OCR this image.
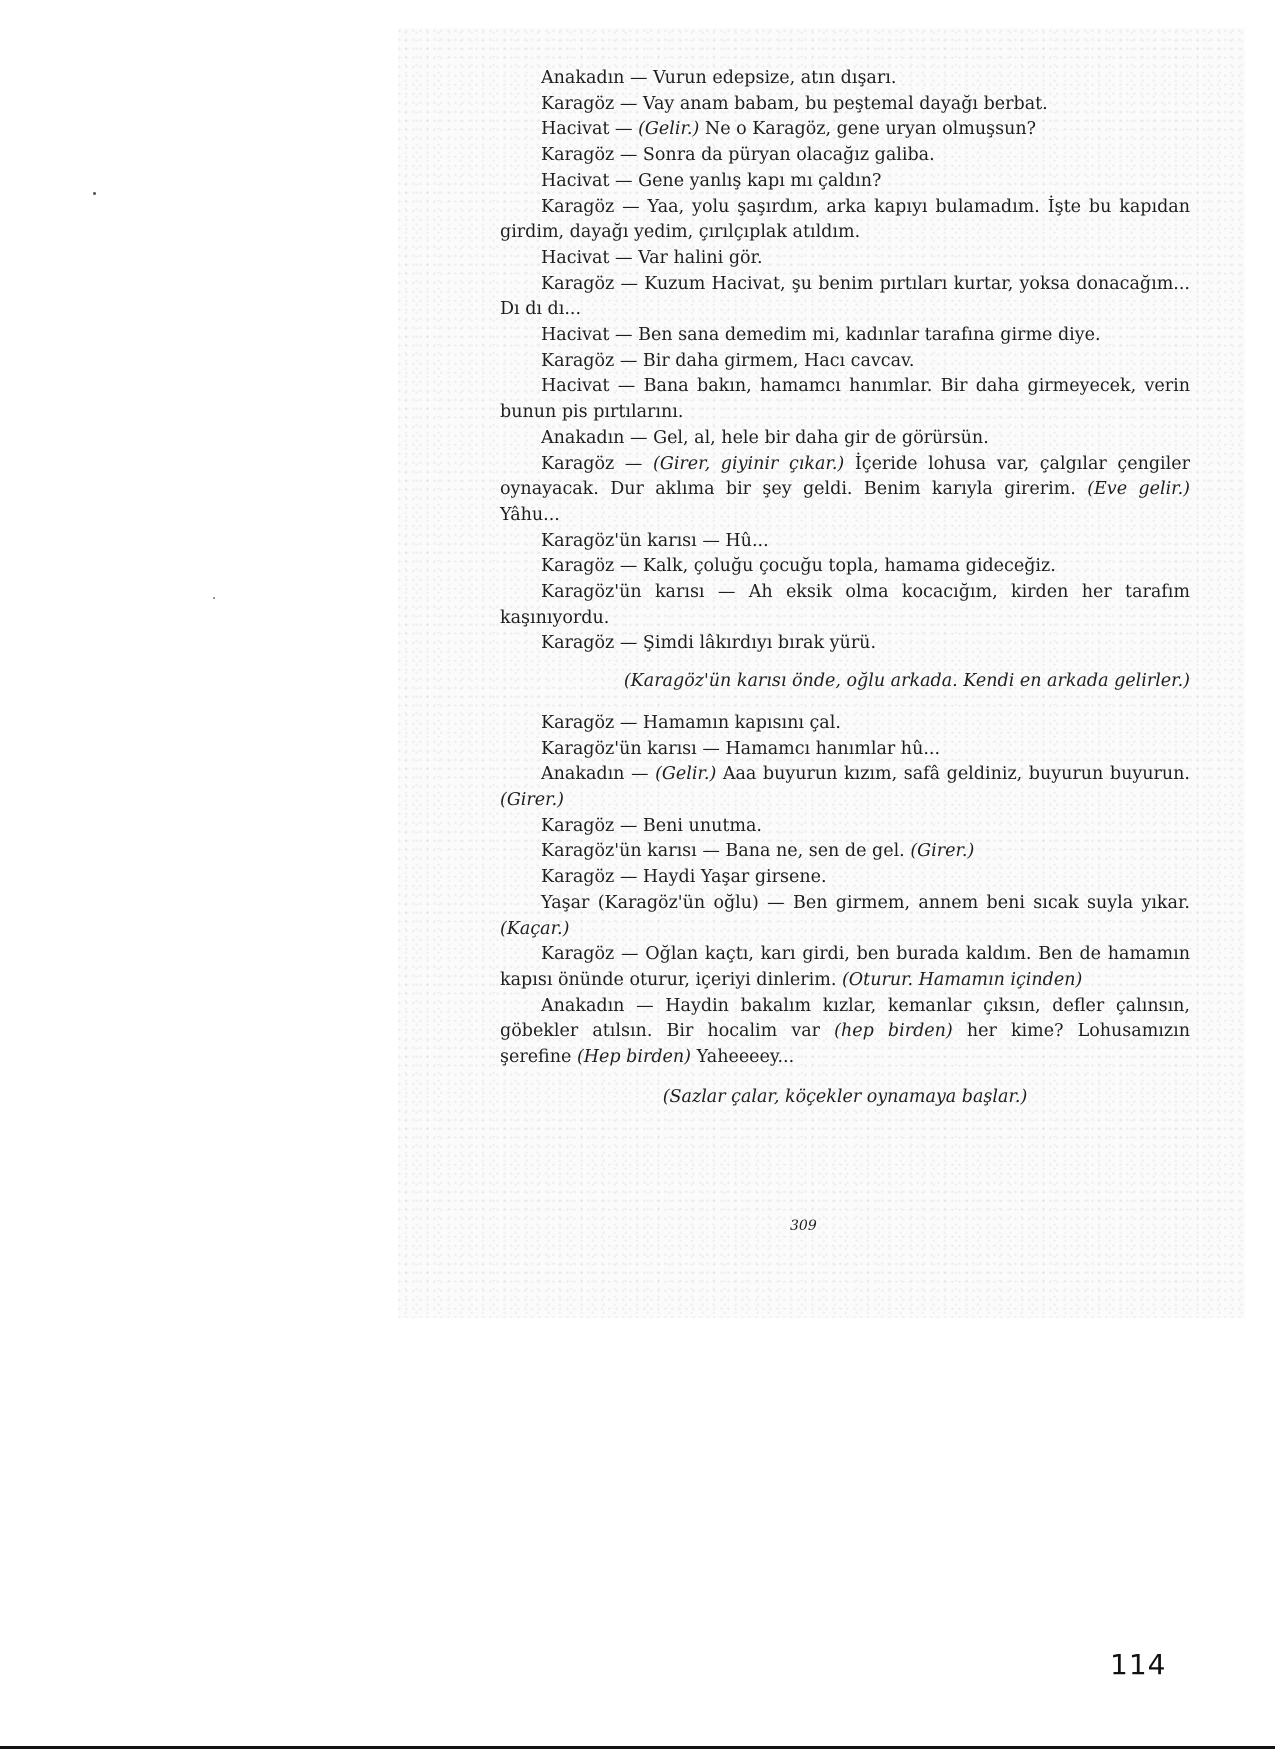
Anakadın — Vurun edepsize, atın dışarı.

Karagöz — Vay anam babam, bu peştemal dayağı berbat.

Hacivat — (Gelir.) Ne o Karagöz, gene uryan olmuşsun?

Karagöz — Sonra da püryan olacağız galiba.

Hacivat — Gene yanlış kapı mı çaldın?

Karagöz — Yaa, yolu şaşırdım, arka kapıyı bulamadım. İşte bu kapıdan girdim, dayağı yedim, çırılçıplak atıldım.

Hacivat — Var halini gör.

Karagöz — Kuzum Hacivat, şu benim pırtıları kurtar, yoksa donacağım... Dı dı dı...

Hacivat — Ben sana demedim mi, kadınlar tarafına girme diye.

Karagöz — Bir daha girmem, Hacı cavcav.

Hacivat — Bana bakın, hamamcı hanımlar. Bir daha girmeyecek, verin bunun pis pırtılarını.

Anakadın — Gel, al, hele bir daha gir de görürsün.

Karagöz — (Girer, giyinir çıkar.) İçeride lohusa var, çalgılar çengiler oynayacak. Dur aklıma bir şey geldi. Benim karıyla girerim. (Eve gelir.) Yâhu...

Karagöz'ün karısı — Hû...

Karagöz — Kalk, çoluğu çocuğu topla, hamama gideceğiz.

Karagöz'ün karısı — Ah eksik olma kocacığım, kirden her tarafım kaşınıyordu.

Karagöz — Şimdi lâkırdıyı bırak yürü.

(Karagöz'ün karısı önde, oğlu arkada. Kendi en arkada gelirler.)

Karagöz — Hamamın kapısını çal.

Karagöz'ün karısı — Hamamcı hanımlar hû...

Anakadın — (Gelir.) Aaa buyurun kızım, safâ geldiniz, buyurun buyurun. (Girer.)

Karagöz — Beni unutma.

Karagöz'ün karısı — Bana ne, sen de gel. (Girer.)

Karagöz — Haydi Yaşar girsene.

Yaşar (Karagöz'ün oğlu) — Ben girmem, annem beni sıcak suyla yıkar. (Kaçar.)

Karagöz — Oğlan kaçtı, karı girdi, ben burada kaldım. Ben de hamamın kapısı önünde oturur, içeriyi dinlerim. (Oturur. Hamamın içinden)

Anakadın — Haydin bakalım kızlar, kemanlar çıksın, defler çalınsın, göbekler atılsın. Bir hocalim var (hep birden) her kime? Lohusamızın şerefine (Hep birden) Yaheeeey...

(Sazlar çalar, köçekler oynamaya başlar.)

309
114
